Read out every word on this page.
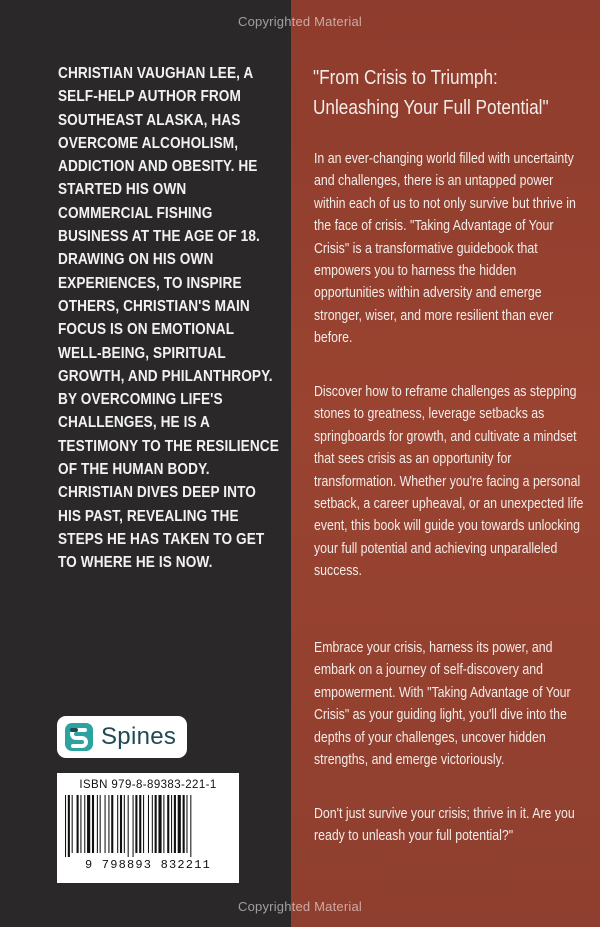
Copyrighted Material
CHRISTIAN VAUGHAN LEE, A SELF-HELP AUTHOR FROM SOUTHEAST ALASKA, HAS OVERCOME ALCOHOLISM, ADDICTION AND OBESITY. HE STARTED HIS OWN COMMERCIAL FISHING BUSINESS AT THE AGE OF 18. DRAWING ON HIS OWN EXPERIENCES, TO INSPIRE OTHERS, CHRISTIAN'S MAIN FOCUS IS ON EMOTIONAL WELL-BEING, SPIRITUAL GROWTH, AND PHILANTHROPY. BY OVERCOMING LIFE'S CHALLENGES, HE IS A TESTIMONY TO THE RESILIENCE OF THE HUMAN BODY. CHRISTIAN DIVES DEEP INTO HIS PAST, REVEALING THE STEPS HE HAS TAKEN TO GET TO WHERE HE IS NOW.
"From Crisis to Triumph: Unleashing Your Full Potential"
In an ever-changing world filled with uncertainty and challenges, there is an untapped power within each of us to not only survive but thrive in the face of crisis. "Taking Advantage of Your Crisis" is a transformative guidebook that empowers you to harness the hidden opportunities within adversity and emerge stronger, wiser, and more resilient than ever before.
Discover how to reframe challenges as stepping stones to greatness, leverage setbacks as springboards for growth, and cultivate a mindset that sees crisis as an opportunity for transformation. Whether you're facing a personal setback, a career upheaval, or an unexpected life event, this book will guide you towards unlocking your full potential and achieving unparalleled success.
Embrace your crisis, harness its power, and embark on a journey of self-discovery and empowerment. With "Taking Advantage of Your Crisis" as your guiding light, you'll dive into the depths of your challenges, uncover hidden strengths, and emerge victoriously.
Don't just survive your crisis; thrive in it. Are you ready to unleash your full potential?"
Spines
ISBN 979-8-89383-221-1
9 798893 832211
Copyrighted Material
